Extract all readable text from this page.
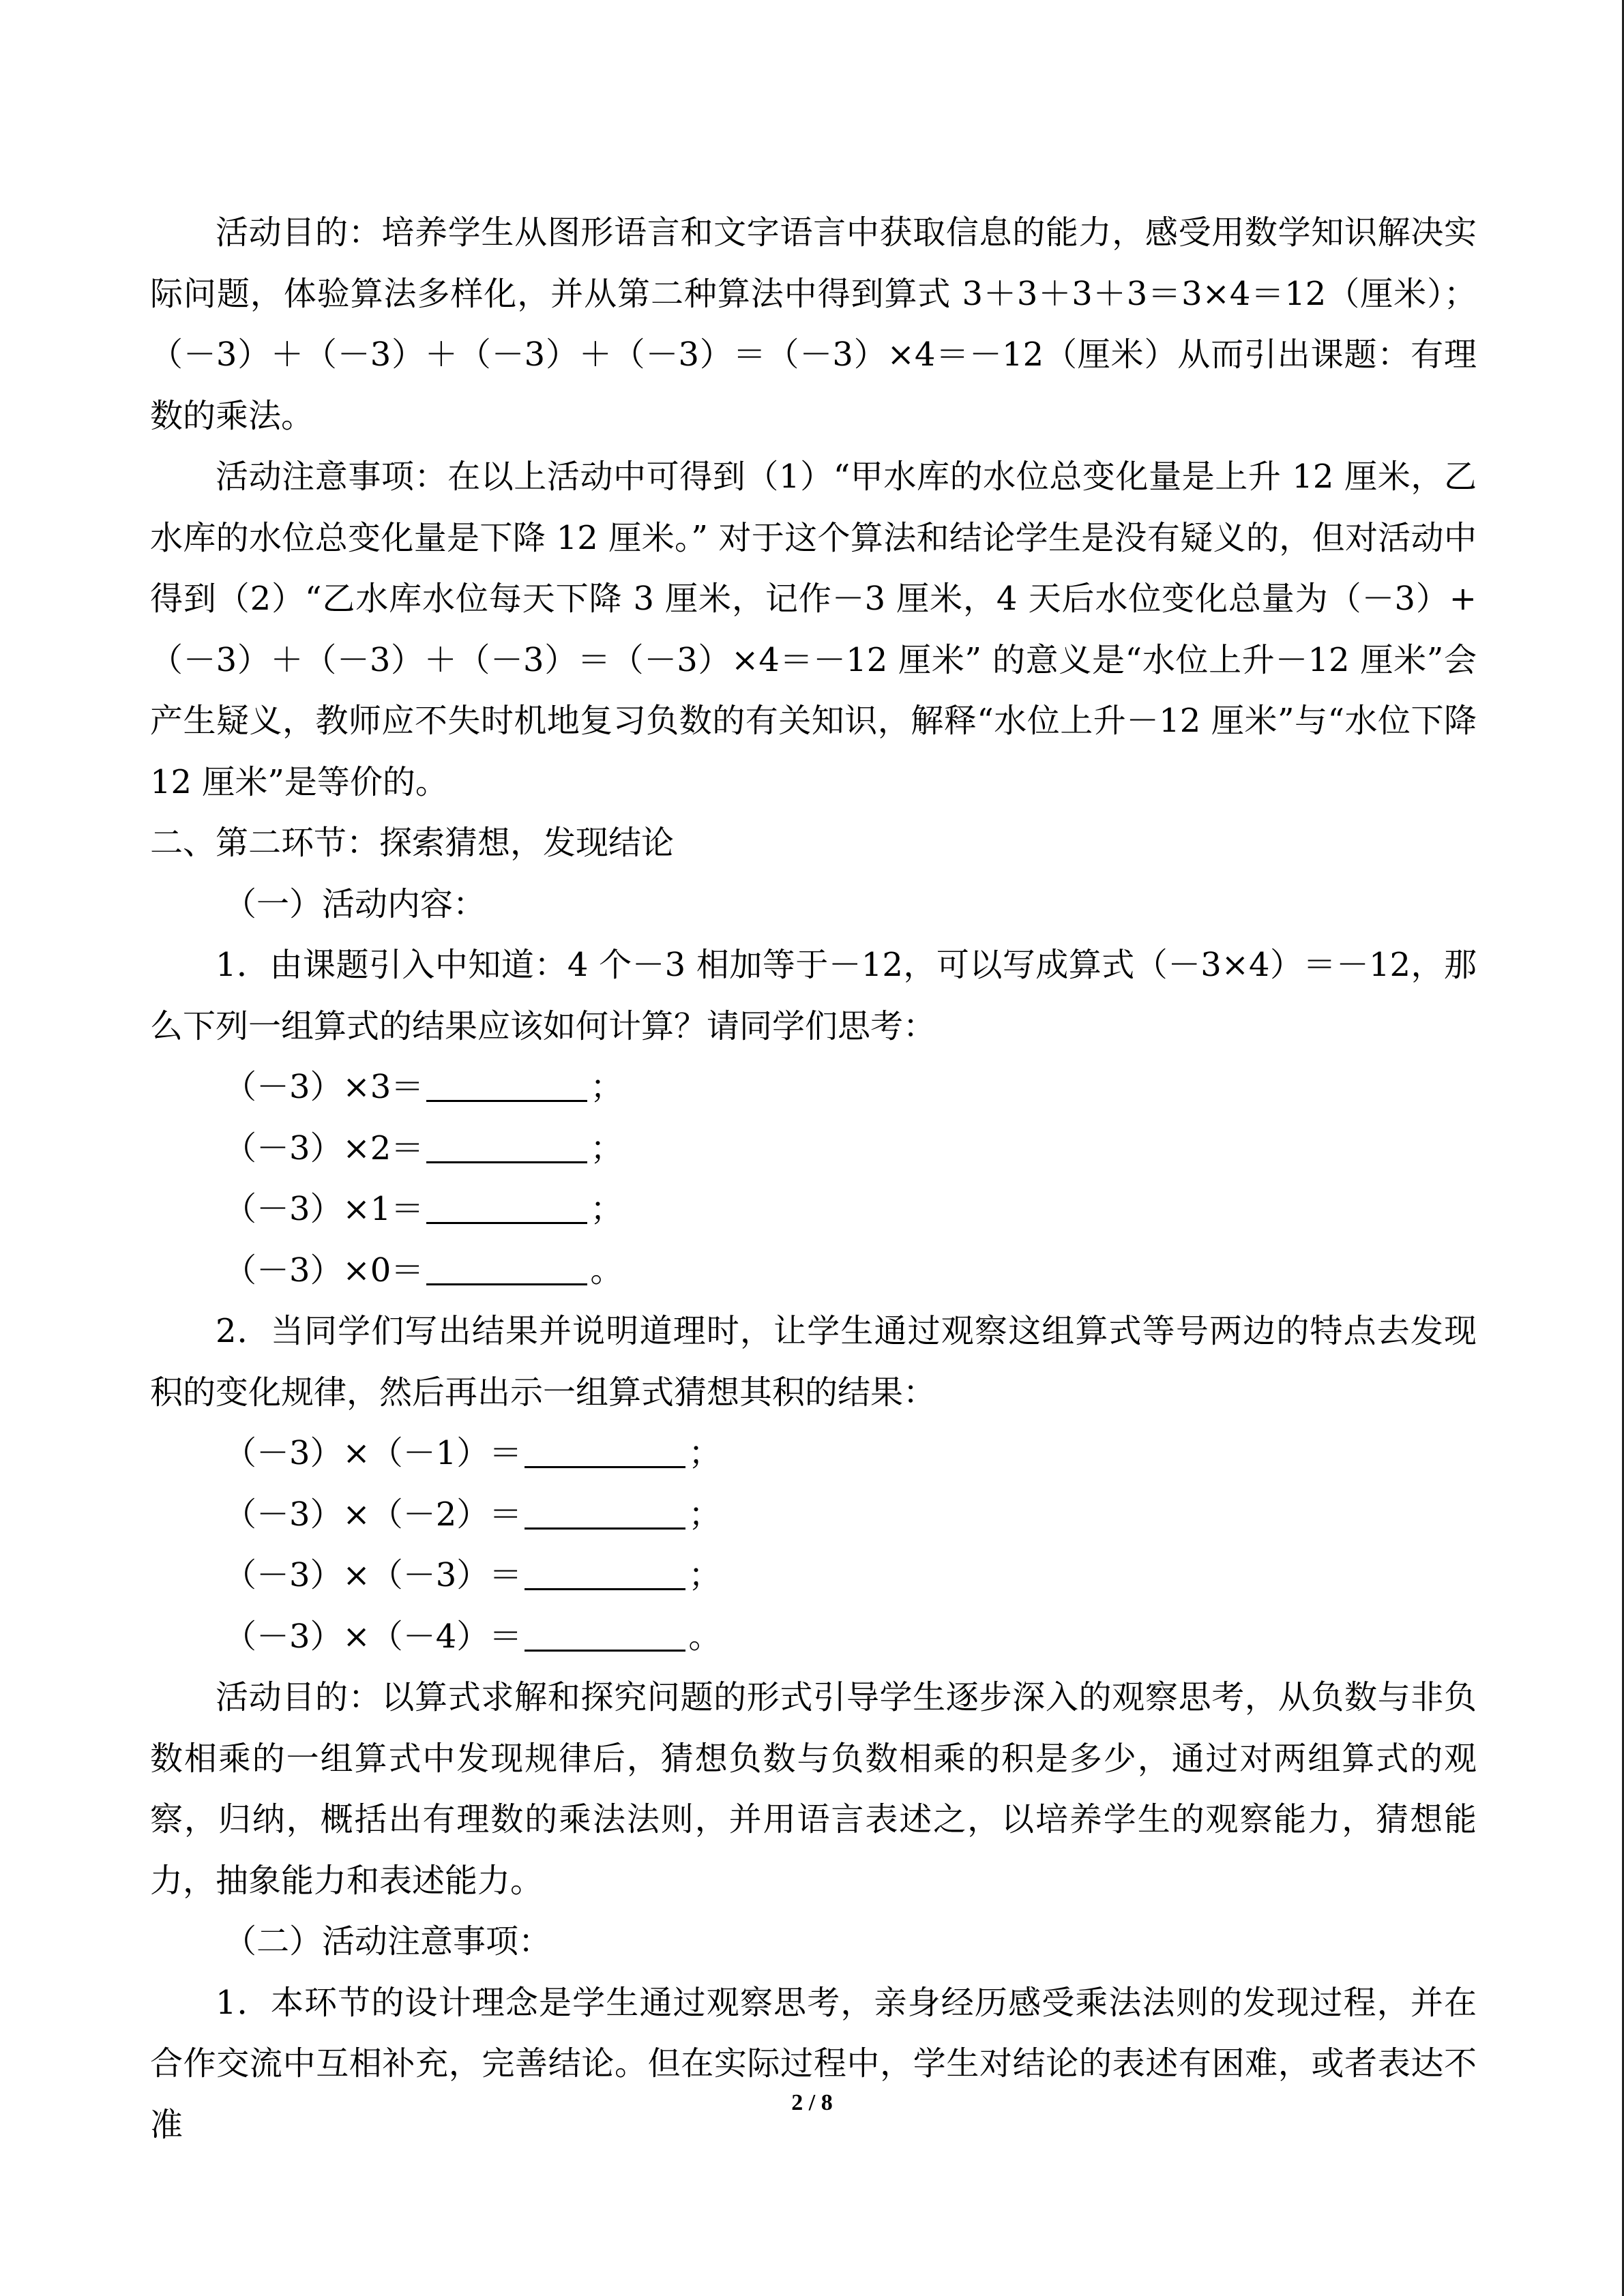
活动目的：培养学生从图形语言和文字语言中获取信息的能力，感受用数学知识解决实际问题，体验算法多样化，并从第二种算法中得到算式 3＋3＋3＋3＝3×4＝12（厘米）；（－3）＋（－3）＋（－3）＋（－3）＝（－3）×4＝－12（厘米）从而引出课题：有理数的乘法。

活动注意事项：在以上活动中可得到（1）“甲水库的水位总变化量是上升 12 厘米，乙水库的水位总变化量是下降 12 厘米。” 对于这个算法和结论学生是没有疑义的，但对活动中得到（2）“乙水库水位每天下降 3 厘米，记作－3 厘米，4 天后水位变化总量为（－3）+（－3）＋（－3）＋（－3）＝（－3）×4＝－12 厘米” 的意义是“水位上升－12 厘米”会产生疑义，教师应不失时机地复习负数的有关知识，解释“水位上升－12 厘米”与“水位下降 12 厘米”是等价的。

二、第二环节：探索猜想，发现结论

（一）活动内容：

1．由课题引入中知道：4 个－3 相加等于－12，可以写成算式（－3×4）＝－12，那么下列一组算式的结果应该如何计算？请同学们思考：

（－3）×3＝	；

（－3）×2＝	；

（－3）×1＝	；

（－3）×0＝	。

2．当同学们写出结果并说明道理时，让学生通过观察这组算式等号两边的特点去发现积的变化规律，然后再出示一组算式猜想其积的结果：

（－3）×（－1）＝	；

（－3）×（－2）＝	；

（－3）×（－3）＝	；

（－3）×（－4）＝	。

活动目的：以算式求解和探究问题的形式引导学生逐步深入的观察思考，从负数与非负数相乘的一组算式中发现规律后，猜想负数与负数相乘的积是多少，通过对两组算式的观察，归纳，概括出有理数的乘法法则，并用语言表述之，以培养学生的观察能力，猜想能力，抽象能力和表述能力。

（二）活动注意事项：

1．本环节的设计理念是学生通过观察思考，亲身经历感受乘法法则的发现过程，并在合作交流中互相补充，完善结论。但在实际过程中，学生对结论的表述有困难，或者表达不准

2 / 8
